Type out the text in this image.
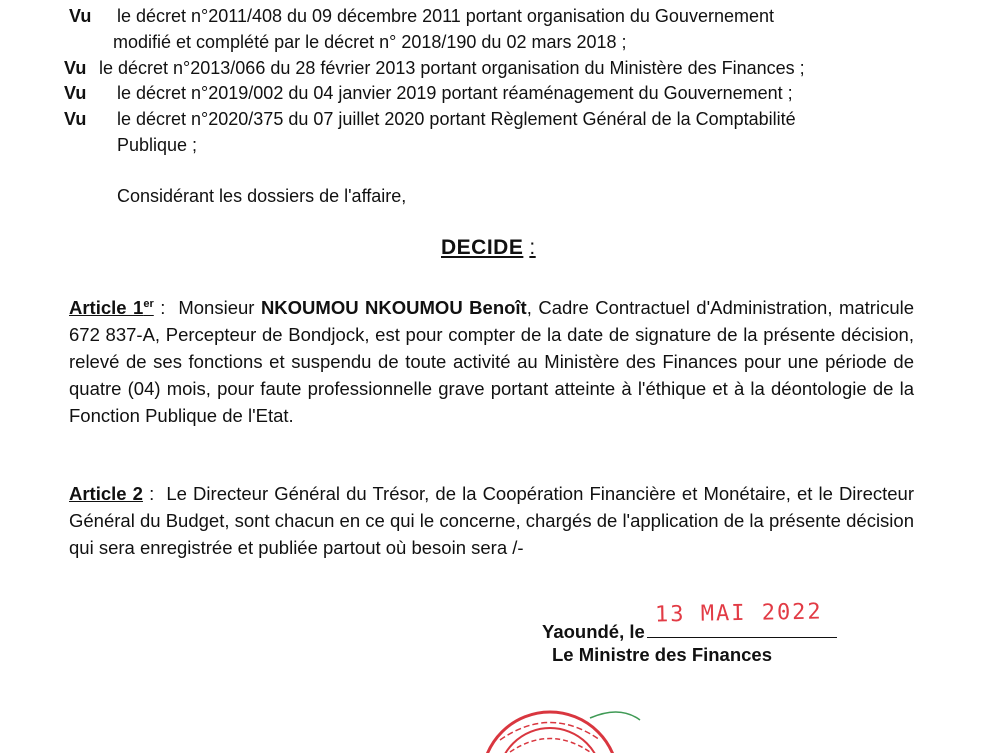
Vu le décret n°2011/408 du 09 décembre 2011 portant organisation du Gouvernement
modifié et complété par le décret n° 2018/190 du 02 mars 2018 ;
Vu le décret n°2013/066 du 28 février 2013 portant organisation du Ministère des Finances ;
Vu le décret n°2019/002 du 04 janvier 2019 portant réaménagement du Gouvernement ;
Vu le décret n°2020/375 du 07 juillet 2020 portant Règlement Général de la Comptabilité
Publique ;
Considérant les dossiers de l'affaire,
DECIDE :
Article 1er : Monsieur NKOUMOU NKOUMOU Benoît, Cadre Contractuel d'Administration, matricule 672 837-A, Percepteur de Bondjock, est pour compter de la date de signature de la présente décision, relevé de ses fonctions et suspendu de toute activité au Ministère des Finances pour une période de quatre (04) mois, pour faute professionnelle grave portant atteinte à l'éthique et à la déontologie de la Fonction Publique de l'Etat.
Article 2 : Le Directeur Général du Trésor, de la Coopération Financière et Monétaire, et le Directeur Général du Budget, sont chacun en ce qui le concerne, chargés de l'application de la présente décision qui sera enregistrée et publiée partout où besoin sera /-
Yaoundé, le
13 MAI 2022
Le Ministre des Finances
